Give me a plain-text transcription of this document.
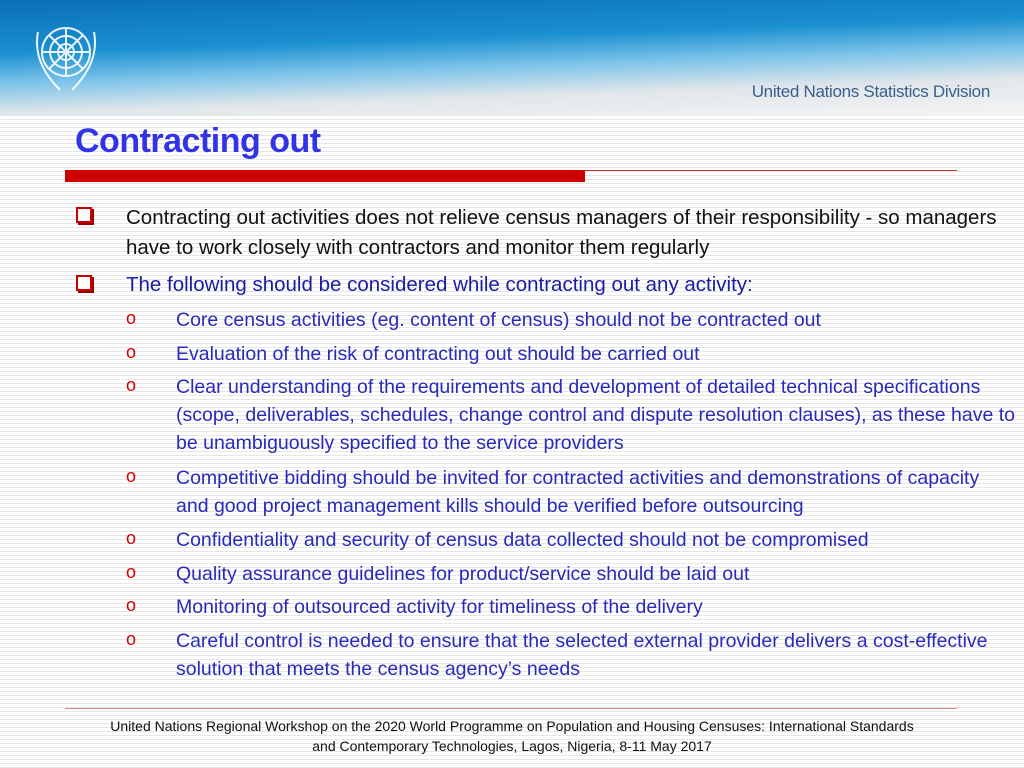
United Nations Statistics Division
Contracting out
Contracting out activities does not relieve census managers of their responsibility - so managers have to work closely with contractors and monitor them regularly
The following should be considered while contracting out any activity:
o Core census activities (eg. content of census) should not be contracted out
o Evaluation of the risk of contracting out should be carried out
o Clear understanding of the requirements and development of detailed technical specifications (scope, deliverables, schedules, change control and dispute resolution clauses), as these have to be unambiguously specified to the service providers
o Competitive bidding should be invited for contracted activities and demonstrations of capacity and good project management kills should be verified before outsourcing
o Confidentiality and security of census data collected should not be compromised
o Quality assurance guidelines for product/service should be laid out
o Monitoring of outsourced activity for timeliness of the delivery
o Careful control is needed to ensure that the selected external provider delivers a cost-effective solution that meets the census agency’s needs
United Nations Regional Workshop on the 2020 World Programme on Population and Housing Censuses: International Standards
and Contemporary Technologies, Lagos, Nigeria, 8-11 May 2017
